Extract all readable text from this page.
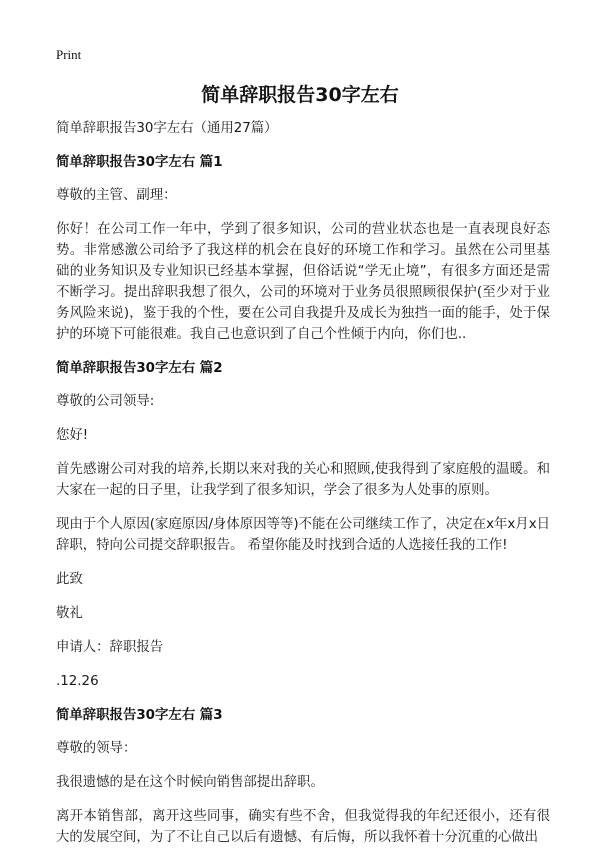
Print
简单辞职报告30字左右

简单辞职报告30字左右（通用27篇）

简单辞职报告30字左右 篇1

尊敬的主管、副理：

你好！在公司工作一年中，学到了很多知识，公司的营业状态也是一直表现良好态势。非常感激公司给予了我这样的机会在良好的环境工作和学习。虽然在公司里基础的业务知识及专业知识已经基本掌握，但俗话说“学无止境”，有很多方面还是需不断学习。提出辞职我想了很久，公司的环境对于业务员很照顾很保护(至少对于业务风险来说)，鉴于我的个性，要在公司自我提升及成长为独挡一面的能手，处于保护的环境下可能很难。我自己也意识到了自己个性倾于内向，你们也..

简单辞职报告30字左右 篇2

尊敬的公司领导:

您好!

首先感谢公司对我的培养,长期以来对我的关心和照顾,使我得到了家庭般的温暖。和大家在一起的日子里，让我学到了很多知识，学会了很多为人处事的原则。

现由于个人原因(家庭原因/身体原因等等)不能在公司继续工作了，决定在x年x月x日辞职，特向公司提交辞职报告。 希望你能及时找到合适的人选接任我的工作!

此致

敬礼

申请人：辞职报告

.12.26

简单辞职报告30字左右 篇3

尊敬的领导：

我很遗憾的是在这个时候向销售部提出辞职。

离开本销售部，离开这些同事，确实有些不舍，但我觉得我的年纪还很小，还有很大的发展空间，为了不让自己以后有遗憾、有后悔，所以我怀着十分沉重的心做出
